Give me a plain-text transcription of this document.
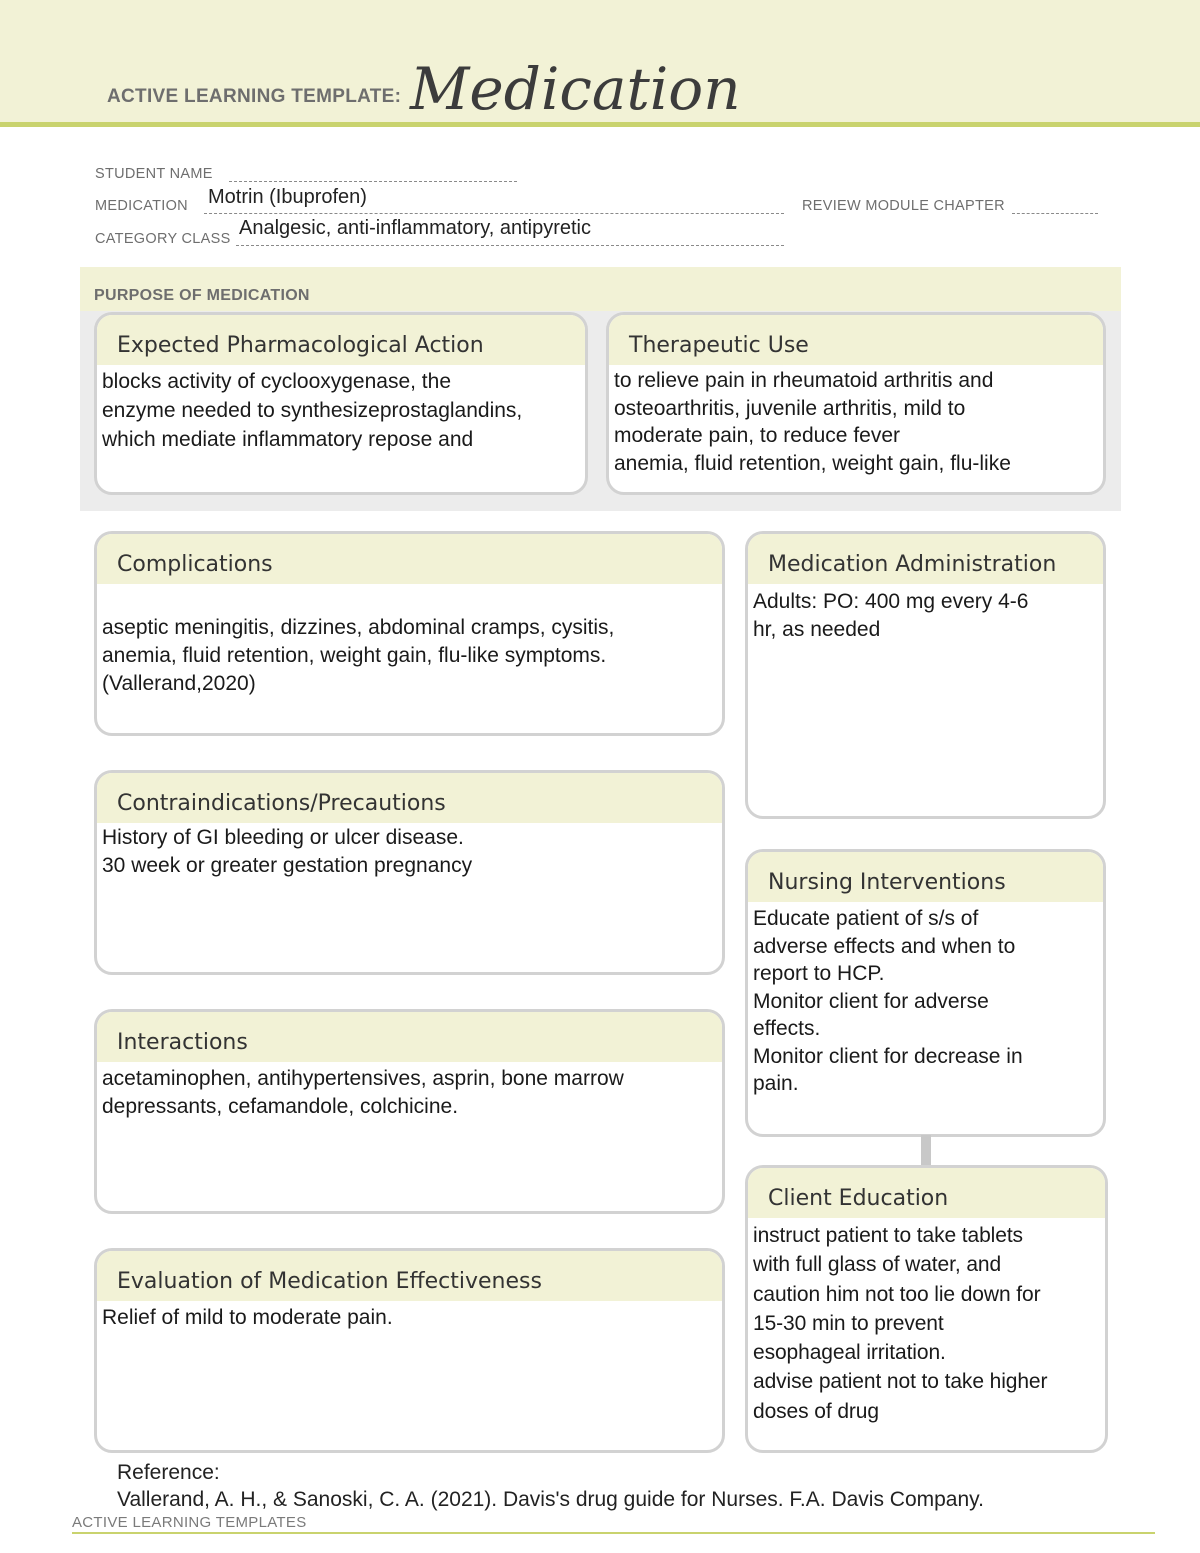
ACTIVE LEARNING TEMPLATE: Medication
STUDENT NAME
MEDICATION Motrin (Ibuprofen)	REVIEW MODULE CHAPTER
CATEGORY CLASS Analgesic, anti-inflammatory, antipyretic
PURPOSE OF MEDICATION
Expected Pharmacological Action
blocks activity of cyclooxygenase, the
enzyme needed to synthesizeprostaglandins,
which mediate inflammatory repose and
Therapeutic Use
to relieve pain in rheumatoid arthritis and
osteoarthritis, juvenile arthritis, mild to
moderate pain, to reduce fever
anemia, fluid retention, weight gain, flu-like
Complications
aseptic meningitis, dizzines, abdominal cramps, cysitis,
anemia, fluid retention, weight gain, flu-like symptoms.
(Vallerand,2020)
Contraindications/Precautions
History of GI bleeding or ulcer disease.
30 week or greater gestation pregnancy
Interactions
acetaminophen, antihypertensives, asprin, bone marrow
depressants, cefamandole, colchicine.
Evaluation of Medication Effectiveness
Relief of mild to moderate pain.
Medication Administration
Adults: PO: 400 mg every 4-6
hr, as needed
Nursing Interventions
Educate patient of s/s of
adverse effects and when to
report to HCP.
Monitor client for adverse
effects.
Monitor client for decrease in
pain.
Client Education
instruct patient to take tablets
with full glass of water, and
caution him not too lie down for
15-30 min to prevent
esophageal irritation.
advise patient not to take higher
doses of drug
Reference:
Vallerand, A. H., & Sanoski, C. A. (2021). Davis's drug guide for Nurses. F.A. Davis Company.
ACTIVE LEARNING TEMPLATES
